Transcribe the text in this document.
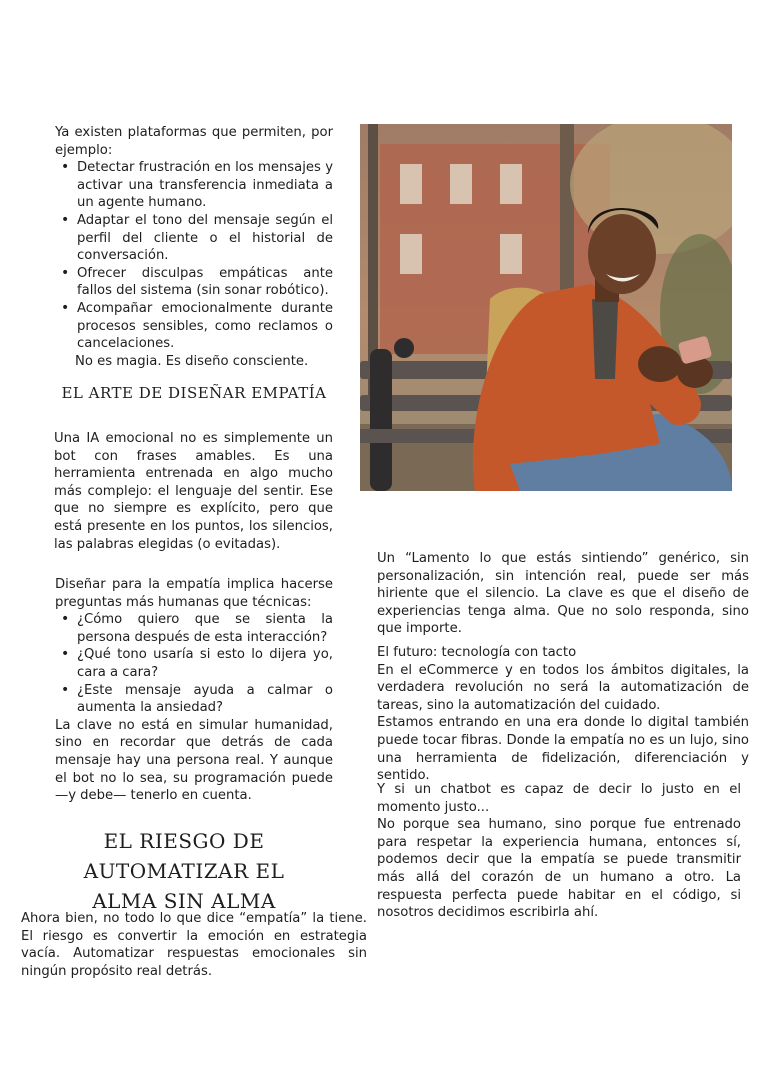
Ya existen plataformas que permiten, por ejemplo:

• Detectar frustración en los mensajes y activar una transferencia inmediata a un agente humano.
• Adaptar el tono del mensaje según el perfil del cliente o el historial de conversación.
• Ofrecer disculpas empáticas ante fallos del sistema (sin sonar robótico).
• Acompañar emocionalmente durante procesos sensibles, como reclamos o cancelaciones.

No es magia. Es diseño consciente.

EL ARTE DE DISEÑAR EMPATÍA
Una IA emocional no es simplemente un bot con frases amables. Es una herramienta entrenada en algo mucho más complejo: el lenguaje del sentir. Ese que no siempre es explícito, pero que está presente en los puntos, los silencios, las palabras elegidas (o evitadas).

Diseñar para la empatía implica hacerse preguntas más humanas que técnicas:

• ¿Cómo quiero que se sienta la persona después de esta interacción?
• ¿Qué tono usaría si esto lo dijera yo, cara a cara?
• ¿Este mensaje ayuda a calmar o aumenta la ansiedad?

La clave no está en simular humanidad, sino en recordar que detrás de cada mensaje hay una persona real. Y aunque el bot no lo sea, su programación puede —y debe— tenerlo en cuenta.

EL RIESGO DE AUTOMATIZAR EL
ALMA SIN ALMA
Ahora bien, no todo lo que dice “empatía” la tiene. El riesgo es convertir la emoción en estrategia vacía. Automatizar respuestas emocionales sin ningún propósito real detrás.
Un “Lamento lo que estás sintiendo” genérico, sin personalización, sin intención real, puede ser más hiriente que el silencio. La clave es que el diseño de experiencias tenga alma. Que no solo responda, sino que importe.

El futuro: tecnología con tacto

En el eCommerce y en todos los ámbitos digitales, la verdadera revolución no será la automatización de tareas, sino la automatización del cuidado.

Estamos entrando en una era donde lo digital también puede tocar fibras. Donde la empatía no es un lujo, sino una herramienta de fidelización, diferenciación y sentido.

Y si un chatbot es capaz de decir lo justo en el momento justo...

No porque sea humano, sino porque fue entrenado para respetar la experiencia humana, entonces sí, podemos decir que la empatía se puede transmitir más allá del corazón de un humano a otro. La respuesta perfecta puede habitar en el código, si nosotros decidimos escribirla ahí.
